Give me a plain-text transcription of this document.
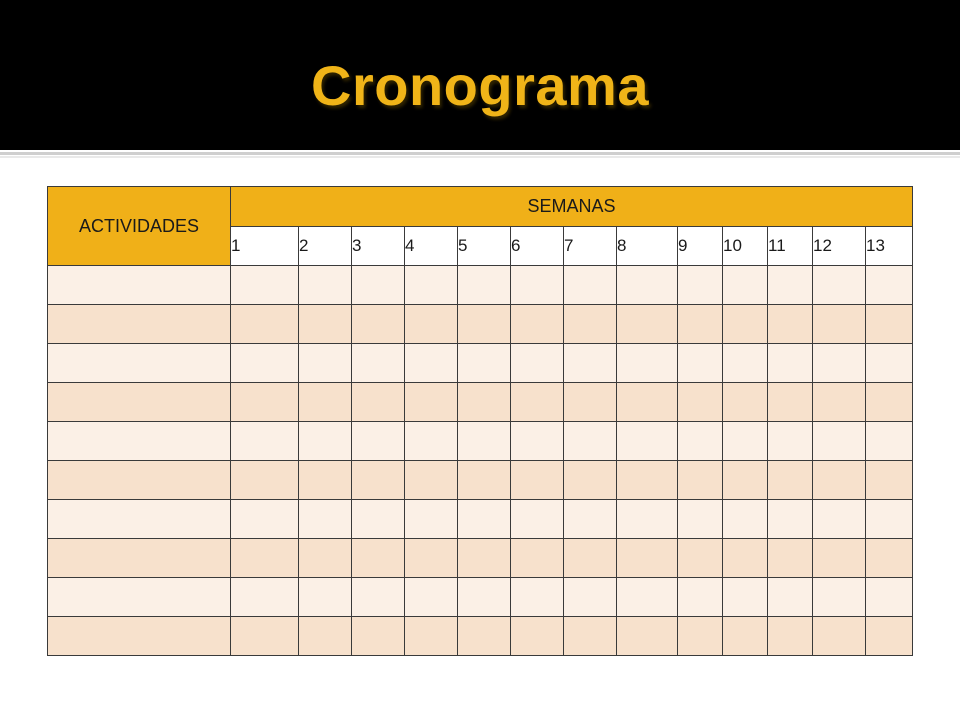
Cronograma
ACTIVIDADES	SEMANAS												
	1	2	3	4	5	6	7	8	9	10	11	12	13
